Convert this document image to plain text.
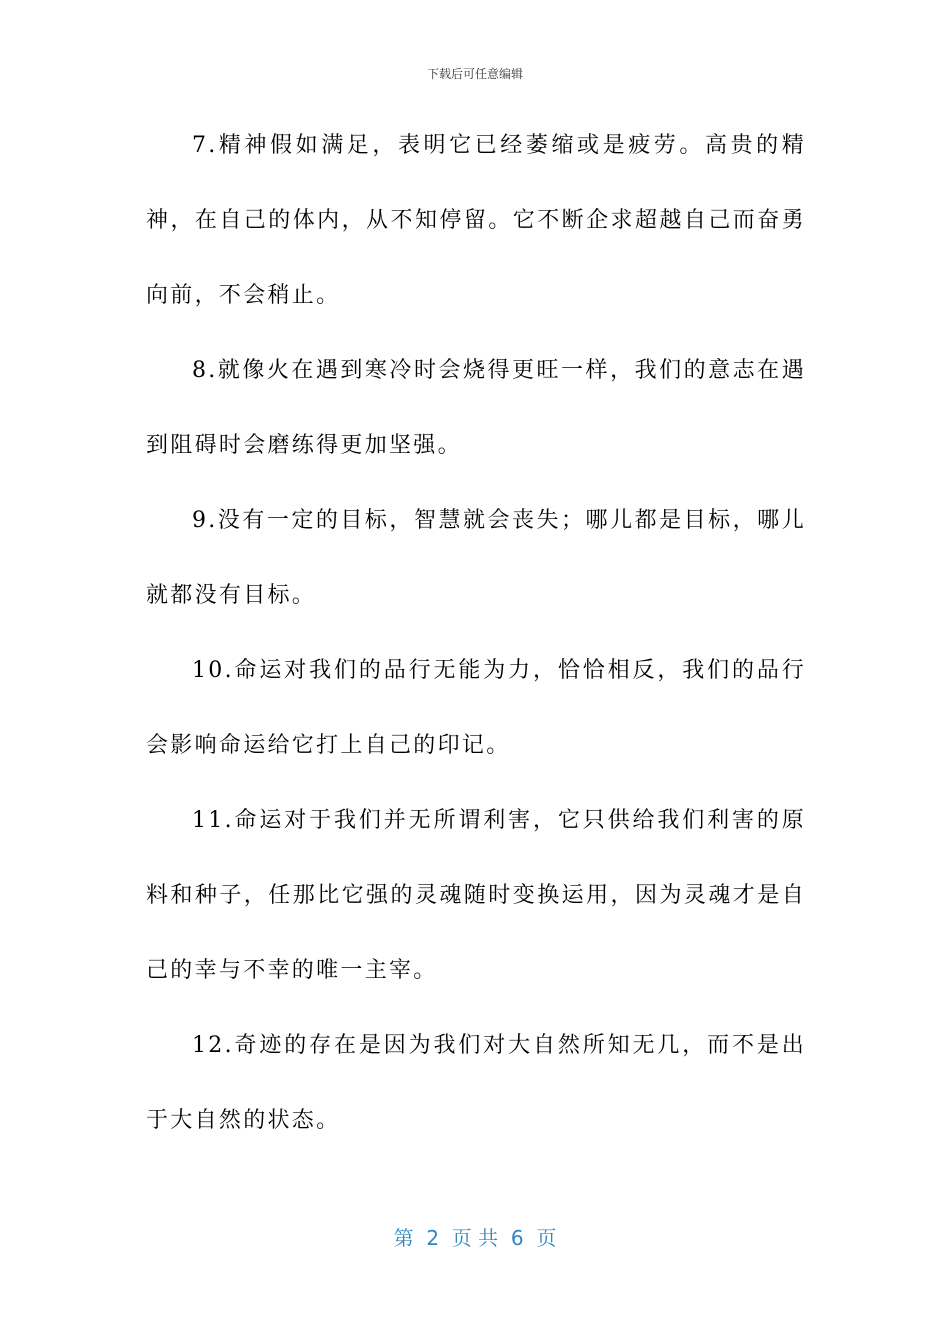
下载后可任意编辑

7.精神假如满足，表明它已经萎缩或是疲劳。高贵的精神，在自己的体内，从不知停留。它不断企求超越自己而奋勇向前，不会稍止。

8.就像火在遇到寒冷时会烧得更旺一样，我们的意志在遇到阻碍时会磨练得更加坚强。

9.没有一定的目标，智慧就会丧失；哪儿都是目标，哪儿就都没有目标。

10.命运对我们的品行无能为力，恰恰相反，我们的品行会影响命运给它打上自己的印记。

11.命运对于我们并无所谓利害，它只供给我们利害的原料和种子，任那比它强的灵魂随时变换运用，因为灵魂才是自己的幸与不幸的唯一主宰。

12.奇迹的存在是因为我们对大自然所知无几，而不是出于大自然的状态。

第  2  页 共  6  页
